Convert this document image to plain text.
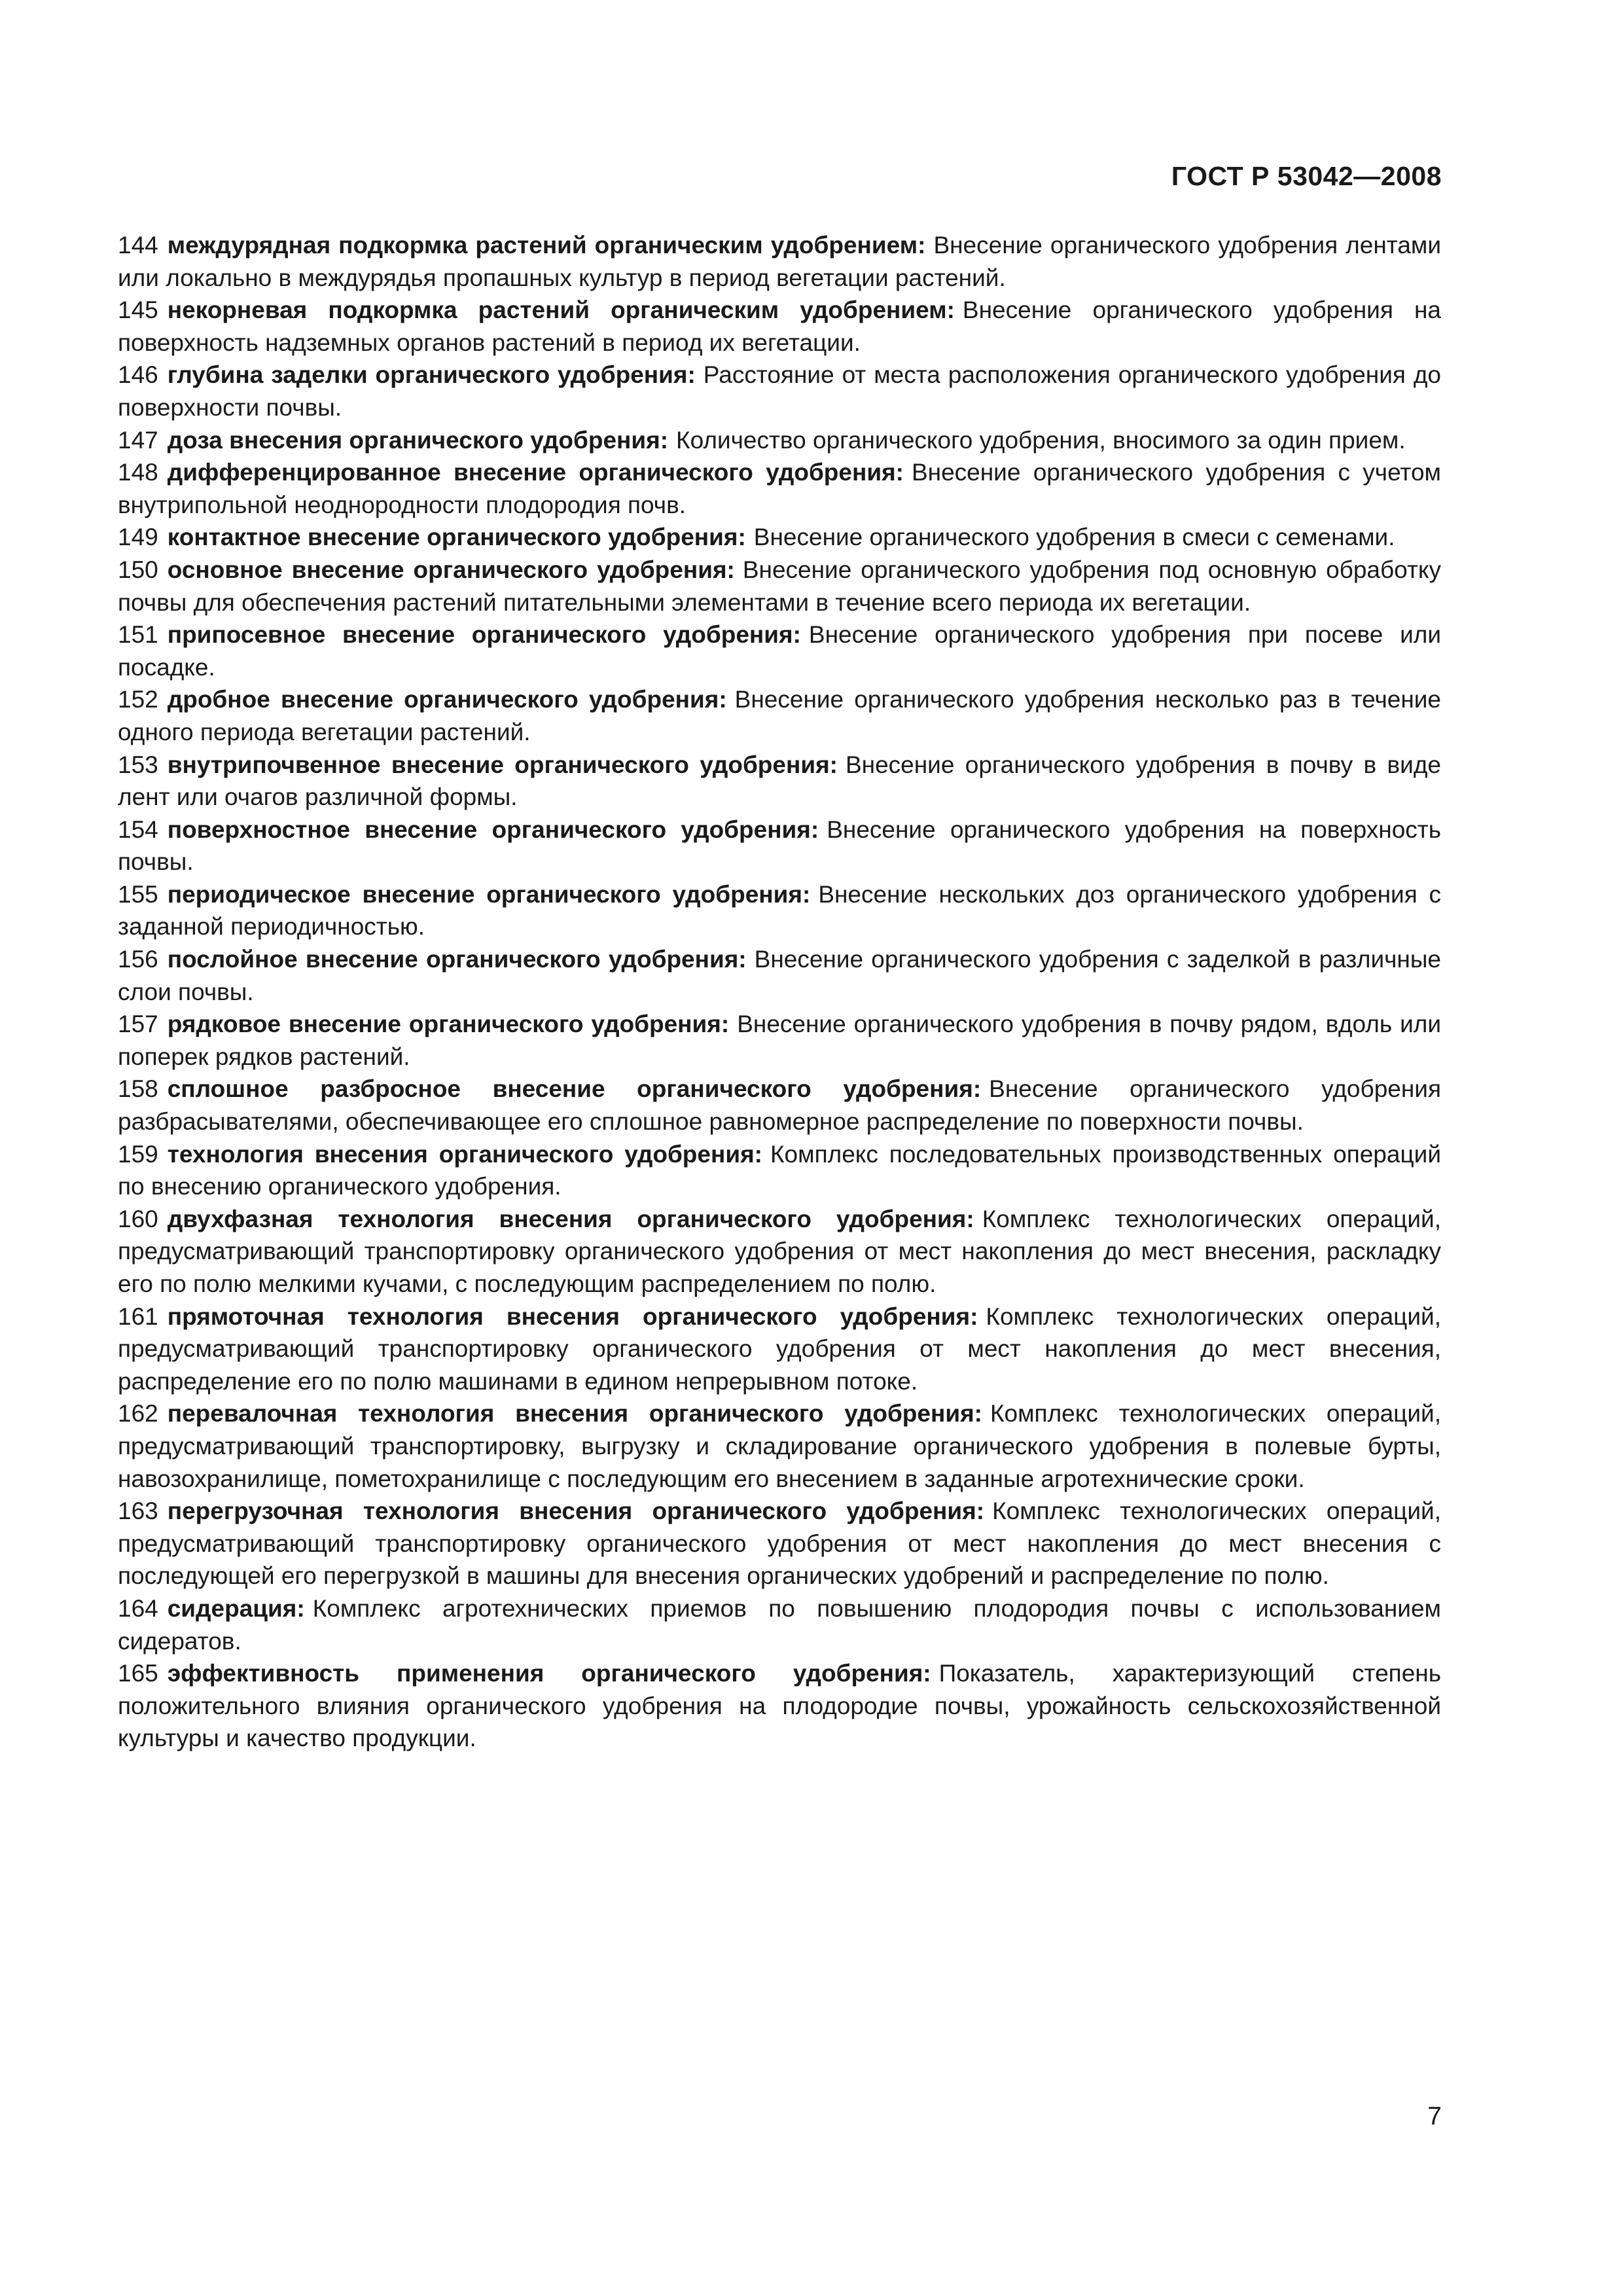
ГОСТ Р 53042—2008

144 междурядная подкормка растений органическим удобрением: Внесение органического удобрения лентами или локально в междурядья пропашных культур в период вегетации растений.

145 некорневая подкормка растений органическим удобрением: Внесение органического удобрения на поверхность надземных органов растений в период их вегетации.

146 глубина заделки органического удобрения: Расстояние от места расположения органического удобрения до поверхности почвы.

147 доза внесения органического удобрения: Количество органического удобрения, вносимого за один прием.

148 дифференцированное внесение органического удобрения: Внесение органического удобрения с учетом внутрипольной неоднородности плодородия почв.

149 контактное внесение органического удобрения: Внесение органического удобрения в смеси с семенами.

150 основное внесение органического удобрения: Внесение органического удобрения под основную обработку почвы для обеспечения растений питательными элементами в течение всего периода их вегетации.

151 припосевное внесение органического удобрения: Внесение органического удобрения при посеве или посадке.

152 дробное внесение органического удобрения: Внесение органического удобрения несколько раз в течение одного периода вегетации растений.

153 внутрипочвенное внесение органического удобрения: Внесение органического удобрения в почву в виде лент или очагов различной формы.

154 поверхностное внесение органического удобрения: Внесение органического удобрения на поверхность почвы.

155 периодическое внесение органического удобрения: Внесение нескольких доз органического удобрения с заданной периодичностью.

156 послойное внесение органического удобрения: Внесение органического удобрения с заделкой в различные слои почвы.

157 рядковое внесение органического удобрения: Внесение органического удобрения в почву рядом, вдоль или поперек рядков растений.

158 сплошное разбросное внесение органического удобрения: Внесение органического удобрения разбрасывателями, обеспечивающее его сплошное равномерное распределение по поверхности почвы.

159 технология внесения органического удобрения: Комплекс последовательных производственных операций по внесению органического удобрения.

160 двухфазная технология внесения органического удобрения: Комплекс технологических операций, предусматривающий транспортировку органического удобрения от мест накопления до мест внесения, раскладку его по полю мелкими кучами, с последующим распределением по полю.

161 прямоточная технология внесения органического удобрения: Комплекс технологических операций, предусматривающий транспортировку органического удобрения от мест накопления до мест внесения, распределение его по полю машинами в едином непрерывном потоке.

162 перевалочная технология внесения органического удобрения: Комплекс технологических операций, предусматривающий транспортировку, выгрузку и складирование органического удобрения в полевые бурты, навозохранилище, пометохранилище с последующим его внесением в заданные агротехнические сроки.

163 перегрузочная технология внесения органического удобрения: Комплекс технологических операций, предусматривающий транспортировку органического удобрения от мест накопления до мест внесения с последующей его перегрузкой в машины для внесения органических удобрений и распределение по полю.

164 сидерация: Комплекс агротехнических приемов по повышению плодородия почвы с использованием сидератов.

165 эффективность применения органического удобрения: Показатель, характеризующий степень положительного влияния органического удобрения на плодородие почвы, урожайность сельскохозяйственной культуры и качество продукции.

7
